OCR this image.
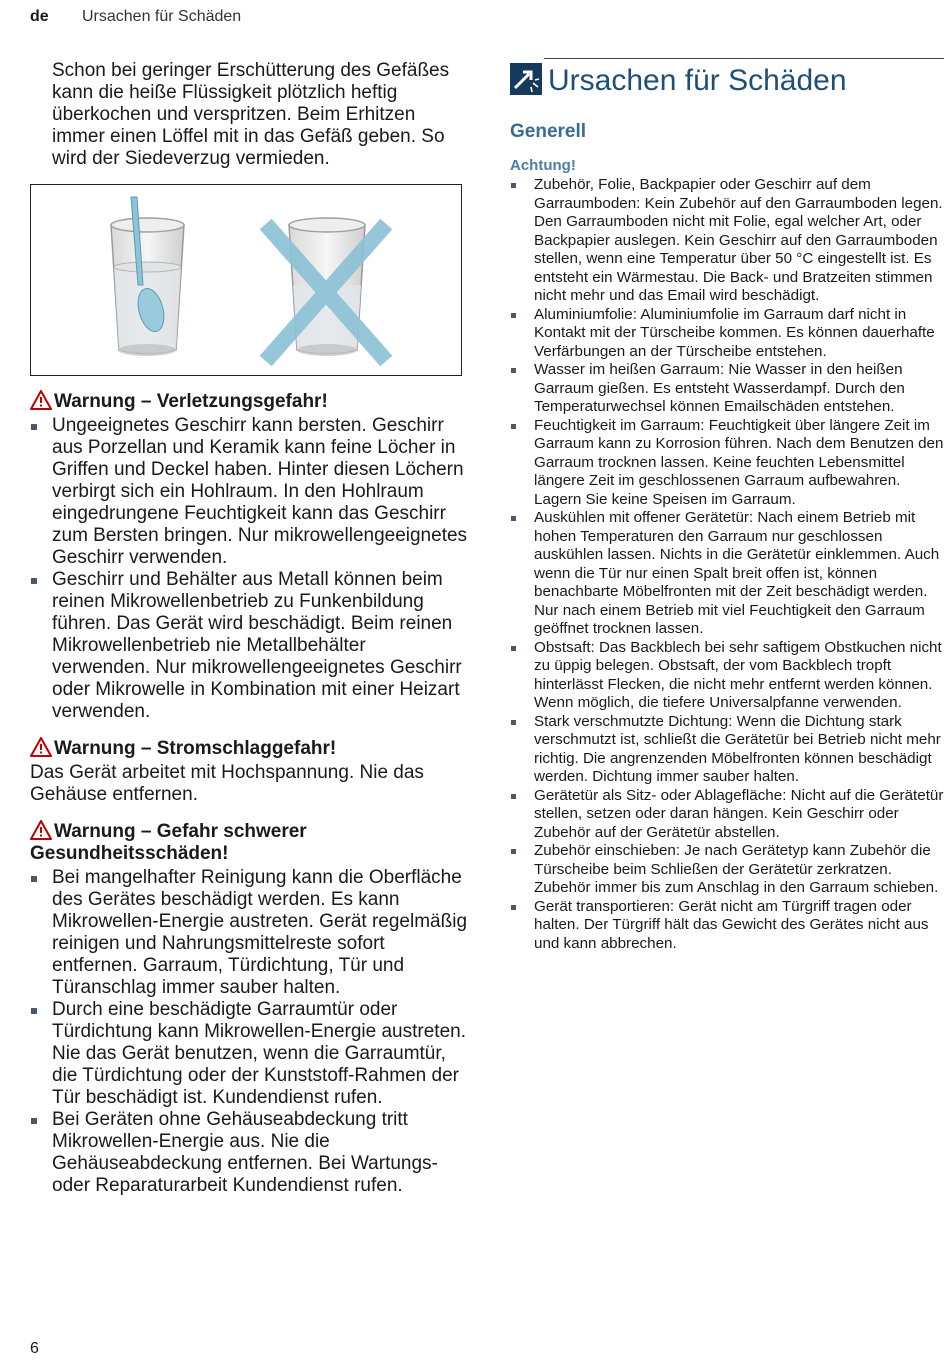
de Ursachen für Schäden

Schon bei geringer Erschütterung des Gefäßes kann die heiße Flüssigkeit plötzlich heftig überkochen und verspritzen. Beim Erhitzen immer einen Löffel mit in das Gefäß geben. So wird der Siedeverzug vermieden.

Warnung – Verletzungsgefahr!
Ungeeignetes Geschirr kann bersten. Geschirr aus Porzellan und Keramik kann feine Löcher in Griffen und Deckel haben. Hinter diesen Löchern verbirgt sich ein Hohlraum. In den Hohlraum eingedrungene Feuchtigkeit kann das Geschirr zum Bersten bringen. Nur mikrowellengeeignetes Geschirr verwenden.
Geschirr und Behälter aus Metall können beim reinen Mikrowellenbetrieb zu Funkenbildung führen. Das Gerät wird beschädigt. Beim reinen Mikrowellenbetrieb nie Metallbehälter verwenden. Nur mikrowellengeeignetes Geschirr oder Mikrowelle in Kombination mit einer Heizart verwenden.
Warnung – Stromschlaggefahr!

Das Gerät arbeitet mit Hochspannung. Nie das Gehäuse entfernen.

Warnung – Gefahr schwerer Gesundheitsschäden!
Bei mangelhafter Reinigung kann die Oberfläche des Gerätes beschädigt werden. Es kann Mikrowellen-Energie austreten. Gerät regelmäßig reinigen und Nahrungsmittelreste sofort entfernen. Garraum, Türdichtung, Tür und Türanschlag immer sauber halten.
Durch eine beschädigte Garraumtür oder Türdichtung kann Mikrowellen-Energie austreten. Nie das Gerät benutzen, wenn die Garraumtür, die Türdichtung oder der Kunststoff-Rahmen der Tür beschädigt ist. Kundendienst rufen.
Bei Geräten ohne Gehäuseabdeckung tritt Mikrowellen-Energie aus. Nie die Gehäuseabdeckung entfernen. Bei Wartungs- oder Reparaturarbeit Kundendienst rufen.
Ursachen für Schäden
Generell
Achtung!
Zubehör, Folie, Backpapier oder Geschirr auf dem Garraumboden: Kein Zubehör auf den Garraumboden legen. Den Garraumboden nicht mit Folie, egal welcher Art, oder Backpapier auslegen. Kein Geschirr auf den Garraumboden stellen, wenn eine Temperatur über 50 °C eingestellt ist. Es entsteht ein Wärmestau. Die Back- und Bratzeiten stimmen nicht mehr und das Email wird beschädigt.
Aluminiumfolie: Aluminiumfolie im Garraum darf nicht in Kontakt mit der Türscheibe kommen. Es können dauerhafte Verfärbungen an der Türscheibe entstehen.
Wasser im heißen Garraum: Nie Wasser in den heißen Garraum gießen. Es entsteht Wasserdampf. Durch den Temperaturwechsel können Emailschäden entstehen.
Feuchtigkeit im Garraum: Feuchtigkeit über längere Zeit im Garraum kann zu Korrosion führen. Nach dem Benutzen den Garraum trocknen lassen. Keine feuchten Lebensmittel längere Zeit im geschlossenen Garraum aufbewahren. Lagern Sie keine Speisen im Garraum.
Auskühlen mit offener Gerätetür: Nach einem Betrieb mit hohen Temperaturen den Garraum nur geschlossen auskühlen lassen. Nichts in die Gerätetür einklemmen. Auch wenn die Tür nur einen Spalt breit offen ist, können benachbarte Möbelfronten mit der Zeit beschädigt werden. Nur nach einem Betrieb mit viel Feuchtigkeit den Garraum geöffnet trocknen lassen.
Obstsaft: Das Backblech bei sehr saftigem Obstkuchen nicht zu üppig belegen. Obstsaft, der vom Backblech tropft hinterlässt Flecken, die nicht mehr entfernt werden können. Wenn möglich, die tiefere Universalpfanne verwenden.
Stark verschmutzte Dichtung: Wenn die Dichtung stark verschmutzt ist, schließt die Gerätetür bei Betrieb nicht mehr richtig. Die angrenzenden Möbelfronten können beschädigt werden. Dichtung immer sauber halten.
Gerätetür als Sitz- oder Ablagefläche: Nicht auf die Gerätetür stellen, setzen oder daran hängen. Kein Geschirr oder Zubehör auf der Gerätetür abstellen.
Zubehör einschieben: Je nach Gerätetyp kann Zubehör die Türscheibe beim Schließen der Gerätetür zerkratzen. Zubehör immer bis zum Anschlag in den Garraum schieben.
Gerät transportieren: Gerät nicht am Türgriff tragen oder halten. Der Türgriff hält das Gewicht des Gerätes nicht aus und kann abbrechen.
6
